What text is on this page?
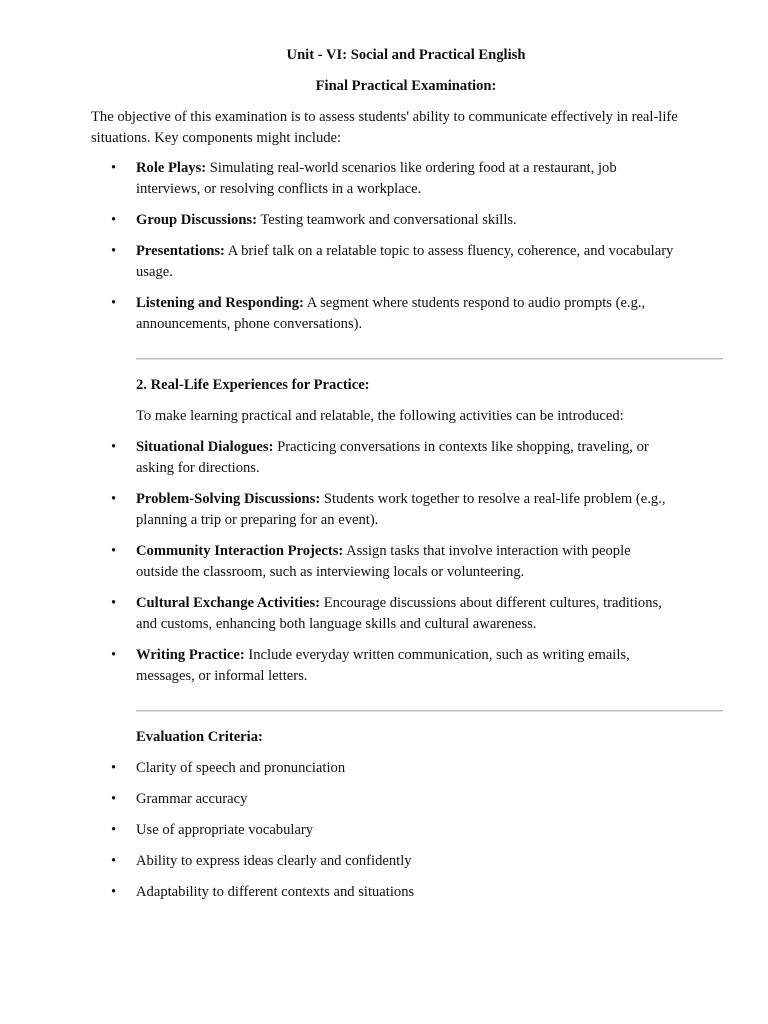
Unit - VI: Social and Practical English
Final Practical Examination:
The objective of this examination is to assess students' ability to communicate effectively in real-life situations. Key components might include:
• Role Plays: Simulating real-world scenarios like ordering food at a restaurant, job interviews, or resolving conflicts in a workplace.
• Group Discussions: Testing teamwork and conversational skills.
• Presentations: A brief talk on a relatable topic to assess fluency, coherence, and vocabulary usage.
• Listening and Responding: A segment where students respond to audio prompts (e.g., announcements, phone conversations).
2. Real-Life Experiences for Practice:
To make learning practical and relatable, the following activities can be introduced:
• Situational Dialogues: Practicing conversations in contexts like shopping, traveling, or asking for directions.
• Problem-Solving Discussions: Students work together to resolve a real-life problem (e.g., planning a trip or preparing for an event).
• Community Interaction Projects: Assign tasks that involve interaction with people outside the classroom, such as interviewing locals or volunteering.
• Cultural Exchange Activities: Encourage discussions about different cultures, traditions, and customs, enhancing both language skills and cultural awareness.
• Writing Practice: Include everyday written communication, such as writing emails, messages, or informal letters.
Evaluation Criteria:
• Clarity of speech and pronunciation
• Grammar accuracy
• Use of appropriate vocabulary
• Ability to express ideas clearly and confidently
• Adaptability to different contexts and situations
